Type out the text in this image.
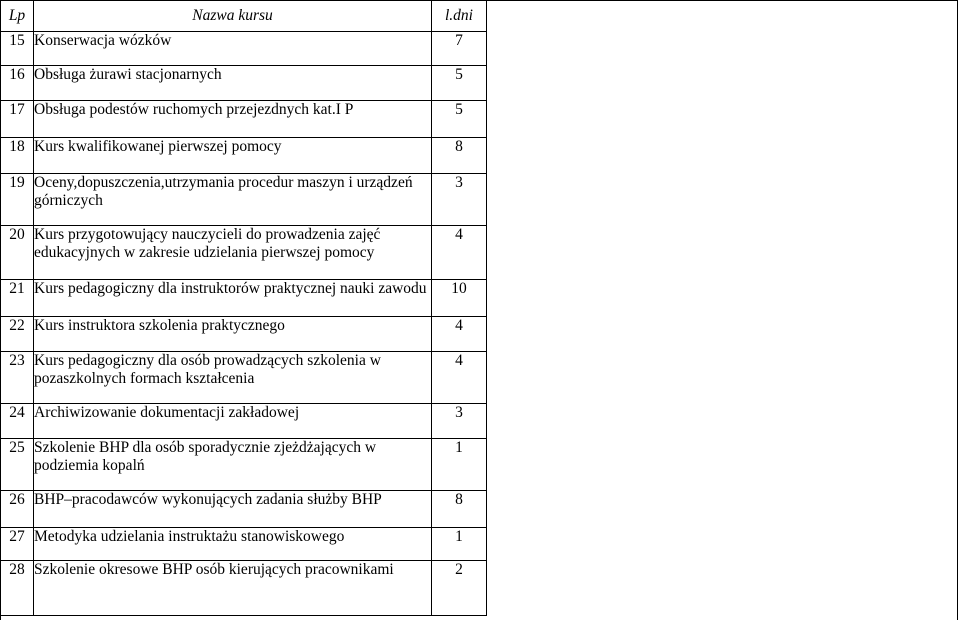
Lp	Nazwa kursu	l.dni
15	Konserwacja wózków	7
16	Obsługa żurawi stacjonarnych	5
17	Obsługa podestów ruchomych przejezdnych kat.I P	5
18	Kurs kwalifikowanej pierwszej pomocy	8
19	Oceny,dopuszczenia,utrzymania procedur maszyn i urządzeń górniczych	3
20	Kurs przygotowujący nauczycieli do prowadzenia zajęć edukacyjnych w zakresie udzielania pierwszej pomocy	4
21	Kurs pedagogiczny dla instruktorów praktycznej nauki zawodu	10
22	Kurs instruktora szkolenia praktycznego	4
23	Kurs pedagogiczny dla osób prowadzących szkolenia w pozaszkolnych formach kształcenia	4
24	Archiwizowanie dokumentacji zakładowej	3
25	Szkolenie BHP dla osób sporadycznie zjeżdżających w podziemia kopalń	1
26	BHP–pracodawców wykonujących zadania służby BHP	8
27	Metodyka udzielania instruktażu stanowiskowego	1
28	Szkolenie okresowe BHP osób kierujących pracownikami	2
